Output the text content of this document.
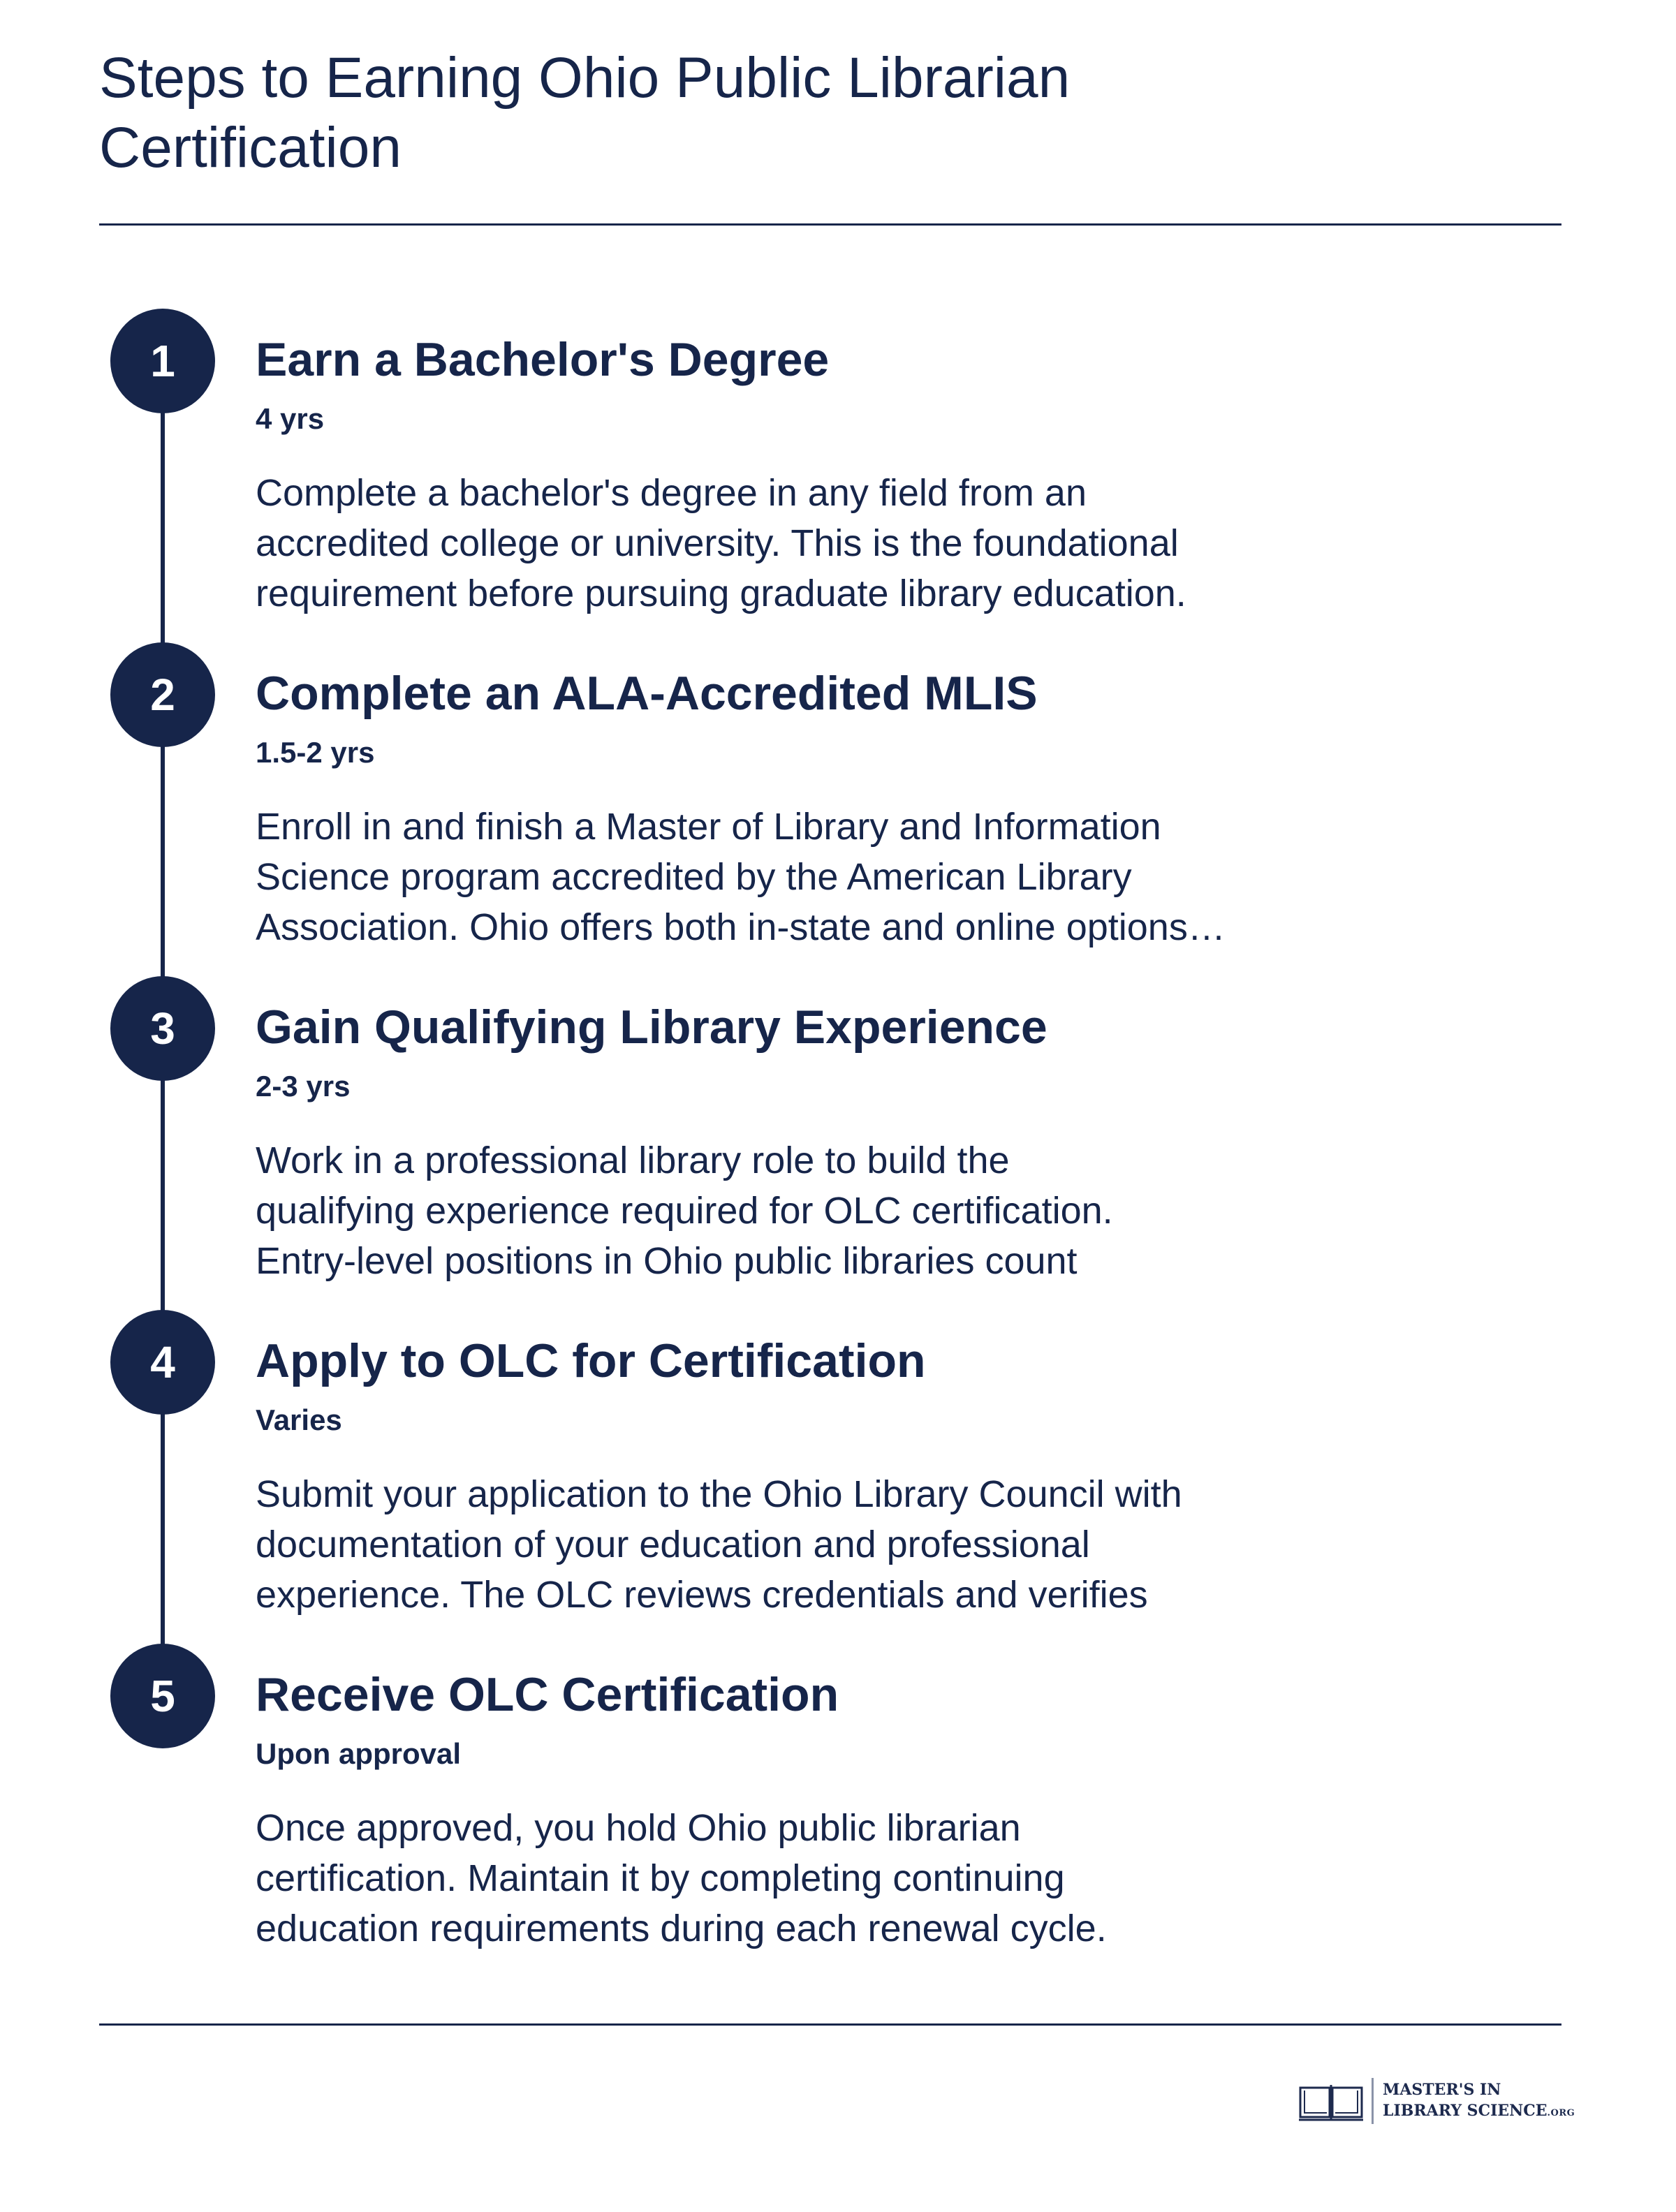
Steps to Earning Ohio Public Librarian
Certification
1	Earn a Bachelor's Degree
4 yrs
Complete a bachelor's degree in any field from an
accredited college or university. This is the foundational
requirement before pursuing graduate library education.
2	Complete an ALA-Accredited MLIS
1.5-2 yrs
Enroll in and finish a Master of Library and Information
Science program accredited by the American Library
Association. Ohio offers both in-state and online options…
3	Gain Qualifying Library Experience
2-3 yrs
Work in a professional library role to build the
qualifying experience required for OLC certification.
Entry-level positions in Ohio public libraries count
4	Apply to OLC for Certification
Varies
Submit your application to the Ohio Library Council with
documentation of your education and professional
experience. The OLC reviews credentials and verifies
5	Receive OLC Certification
Upon approval
Once approved, you hold Ohio public librarian
certification. Maintain it by completing continuing
education requirements during each renewal cycle.
MASTER'S IN
LIBRARY SCIENCE.ORG
